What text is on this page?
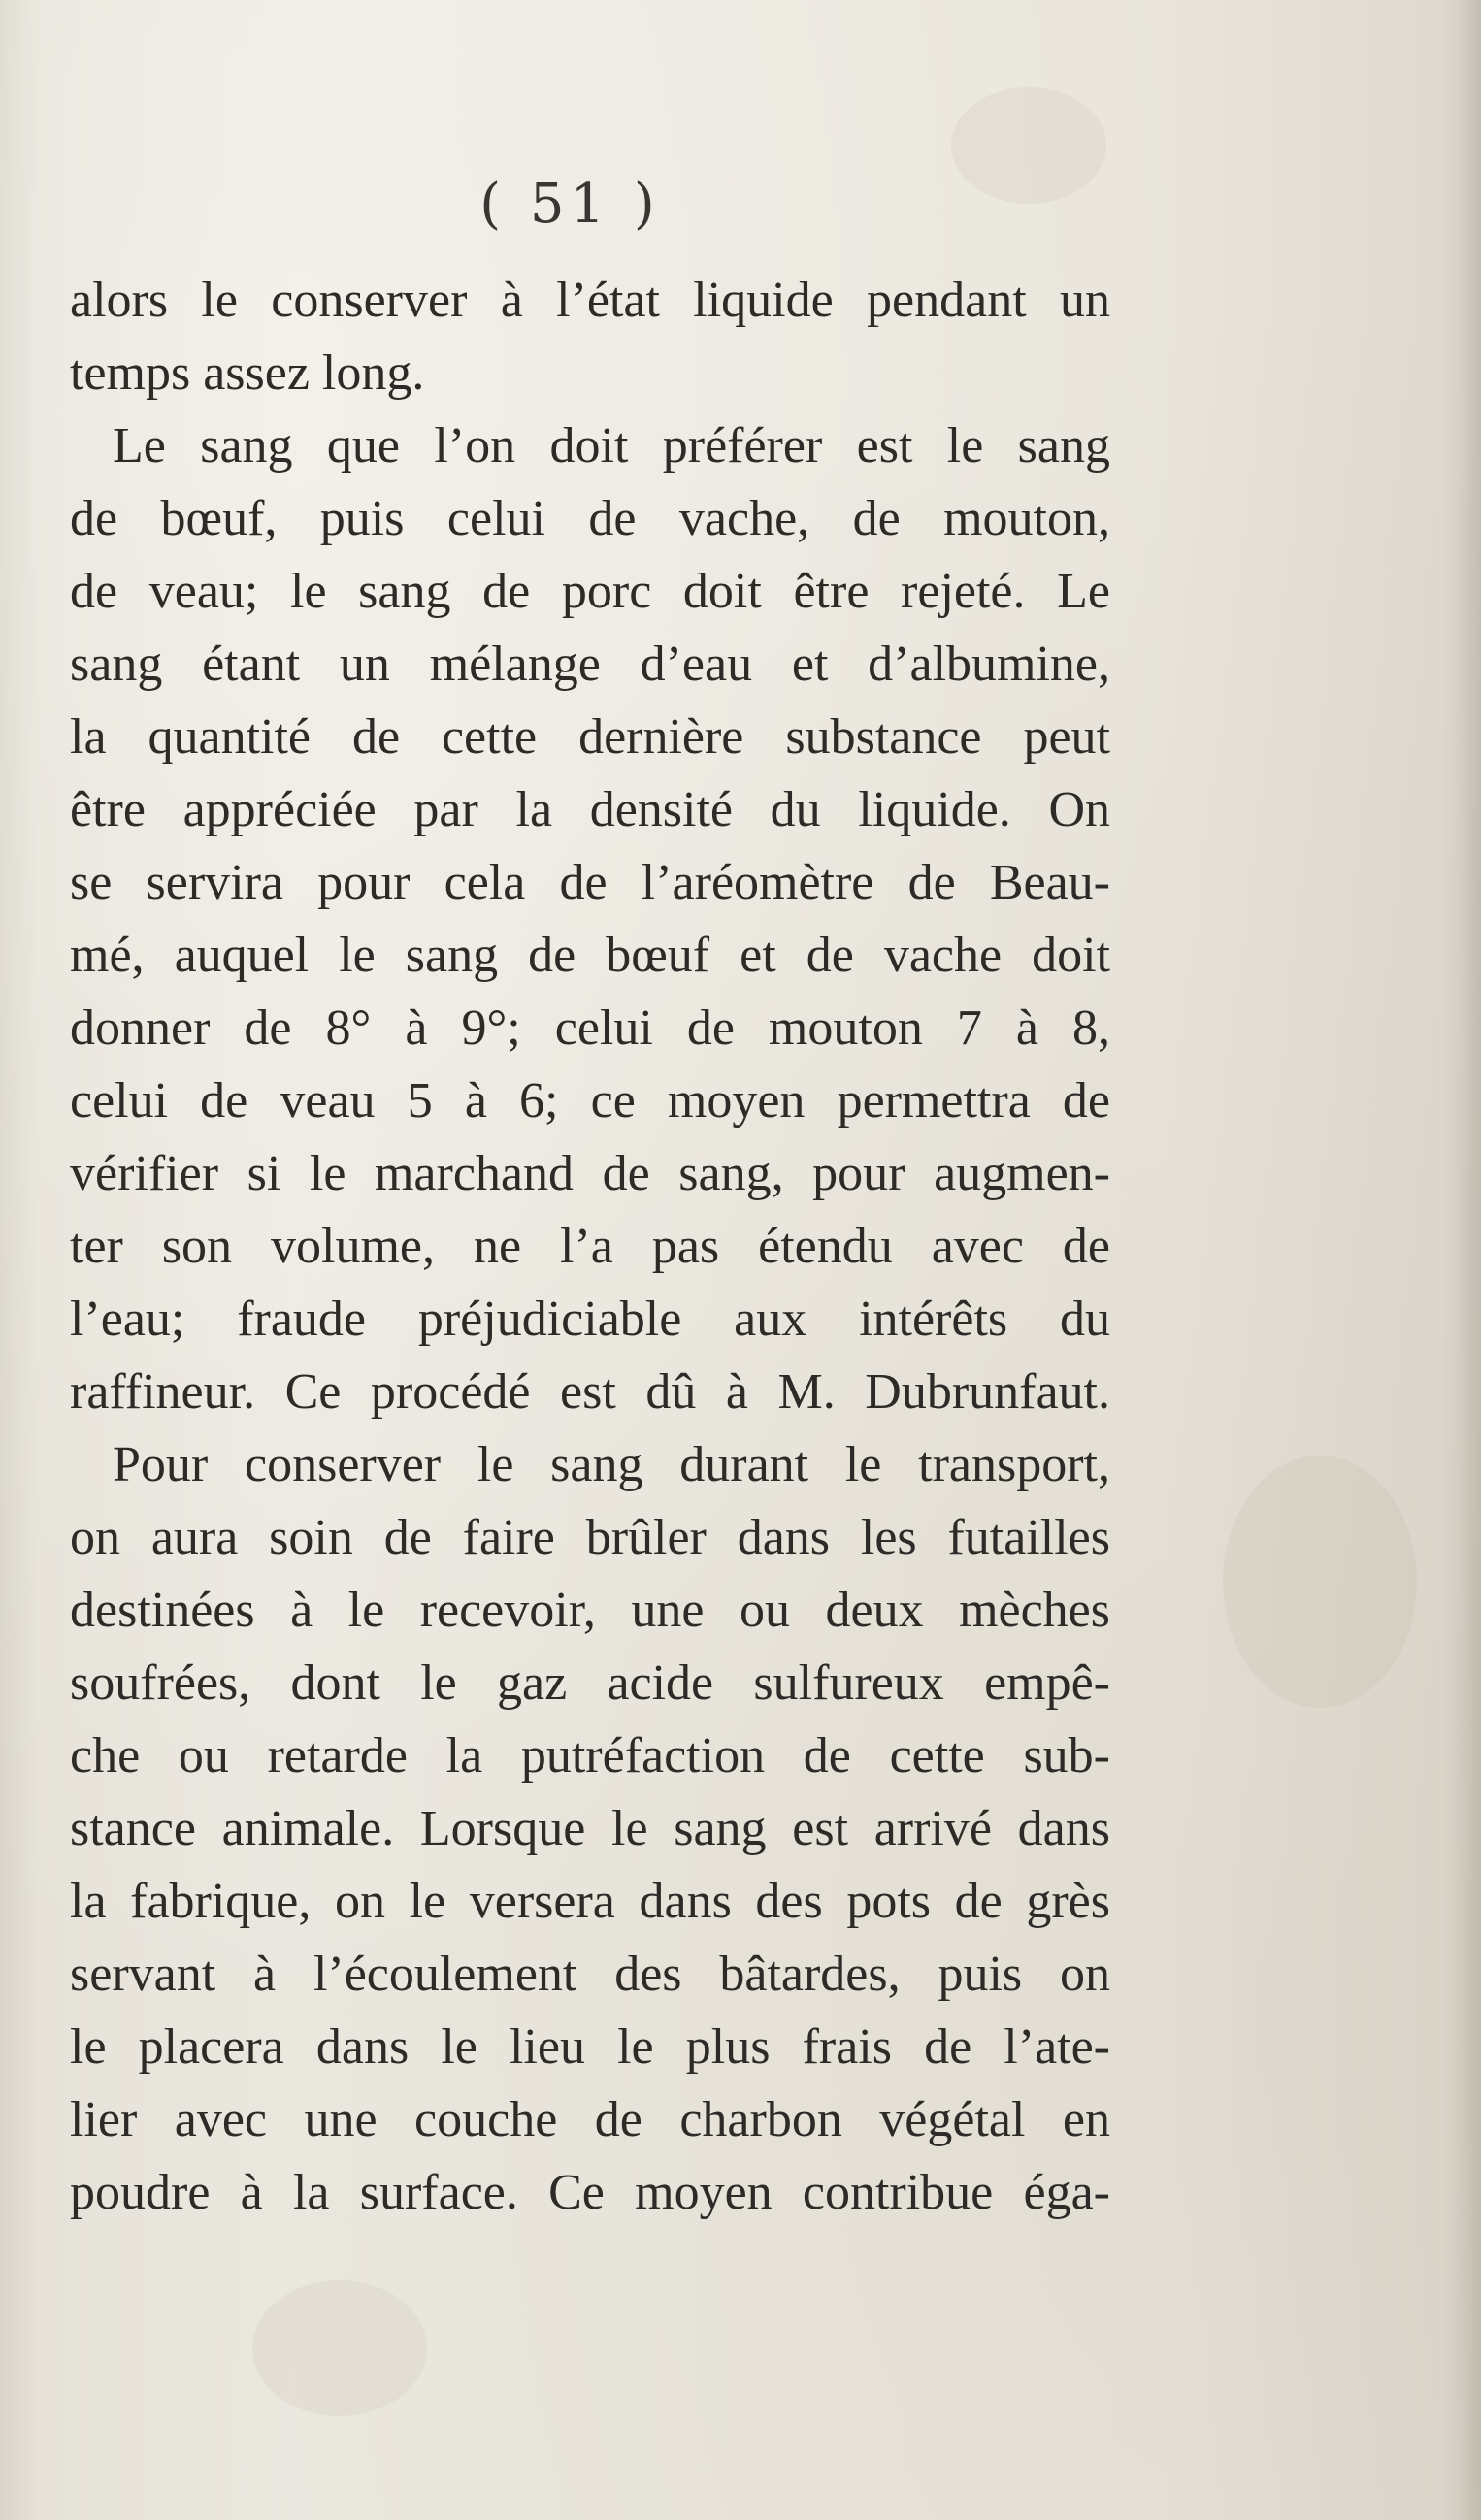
( 51 )
alors le conserver à l’état liquide pendant un
temps assez long.
Le sang que l’on doit préférer est le sang
de bœuf, puis celui de vache, de mouton,
de veau; le sang de porc doit être rejeté. Le
sang étant un mélange d’eau et d’albumine,
la quantité de cette dernière substance peut
être appréciée par la densité du liquide. On
se servira pour cela de l’aréomètre de Beau-
mé, auquel le sang de bœuf et de vache doit
donner de 8° à 9°; celui de mouton 7 à 8,
celui de veau 5 à 6; ce moyen permettra de
vérifier si le marchand de sang, pour augmen-
ter son volume, ne l’a pas étendu avec de
l’eau; fraude préjudiciable aux intérêts du
raffineur. Ce procédé est dû à M. Dubrunfaut.
Pour conserver le sang durant le transport,
on aura soin de faire brûler dans les futailles
destinées à le recevoir, une ou deux mèches
soufrées, dont le gaz acide sulfureux empê-
che ou retarde la putréfaction de cette sub-
stance animale. Lorsque le sang est arrivé dans
la fabrique, on le versera dans des pots de grès
servant à l’écoulement des bâtardes, puis on
le placera dans le lieu le plus frais de l’ate-
lier avec une couche de charbon végétal en
poudre à la surface. Ce moyen contribue éga-
